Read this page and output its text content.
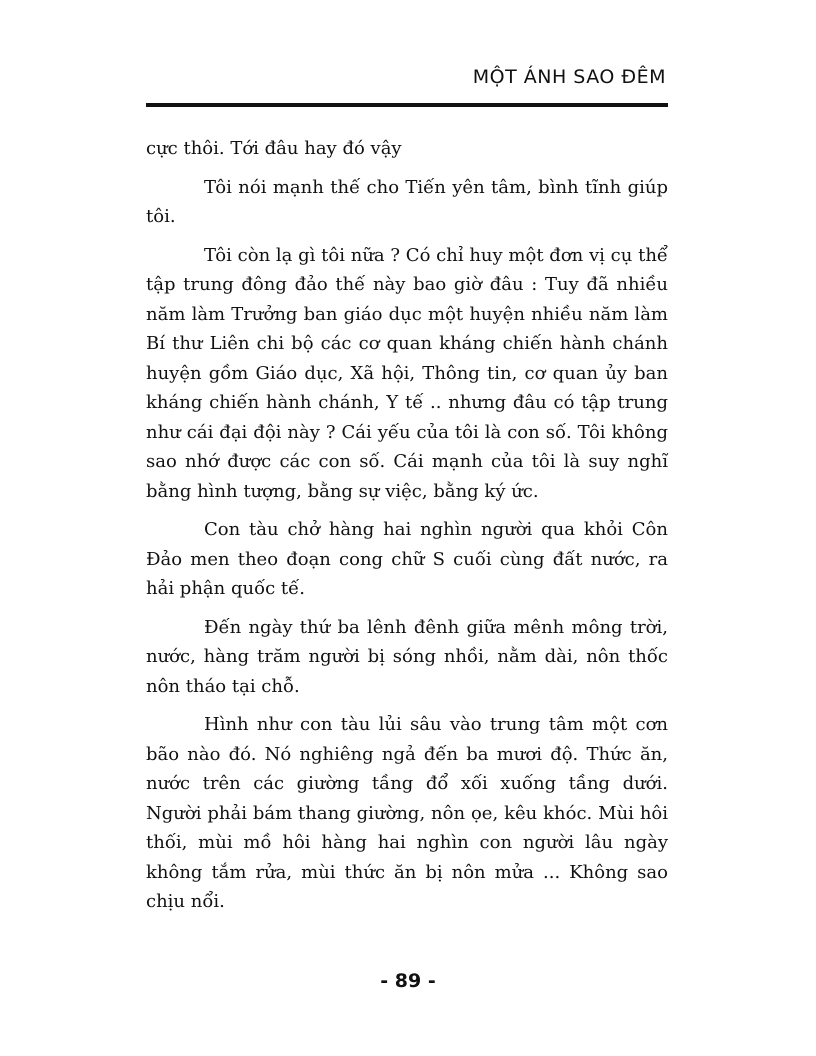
MỘT ÁNH SAO ĐÊM

cực thôi. Tới đâu hay đó vậy

Tôi nói mạnh thế cho Tiến yên tâm, bình tĩnh giúp tôi.

Tôi còn lạ gì tôi nữa ? Có chỉ huy một đơn vị cụ thể tập trung đông đảo thế này bao giờ đâu : Tuy đã nhiều năm làm Trưởng ban giáo dục một huyện nhiều năm làm Bí thư Liên chi bộ các cơ quan kháng chiến hành chánh huyện gồm Giáo dục, Xã hội, Thông tin, cơ quan ủy ban kháng chiến hành chánh, Y tế .. nhưng đâu có tập trung như cái đại đội này ? Cái yếu của tôi là con số. Tôi không sao nhớ được các con số. Cái mạnh của tôi là suy nghĩ bằng hình tượng, bằng sự việc, bằng ký ức.

Con tàu chở hàng hai nghìn người qua khỏi Côn Đảo men theo đoạn cong chữ S cuối cùng đất nước, ra hải phận quốc tế.

Đến ngày thứ ba lênh đênh giữa mênh mông trời, nước, hàng trăm người bị sóng nhồi, nằm dài, nôn thốc nôn tháo tại chỗ.

Hình như con tàu lủi sâu vào trung tâm một cơn bão nào đó. Nó nghiêng ngả đến ba mươi độ. Thức ăn, nước trên các giường tầng đổ xối xuống tầng dưới. Người phải bám thang giường, nôn ọe, kêu khóc. Mùi hôi thối, mùi mồ hôi hàng hai nghìn con người lâu ngày không tắm rửa, mùi thức ăn bị nôn mửa ... Không sao chịu nổi.

- 89 -
